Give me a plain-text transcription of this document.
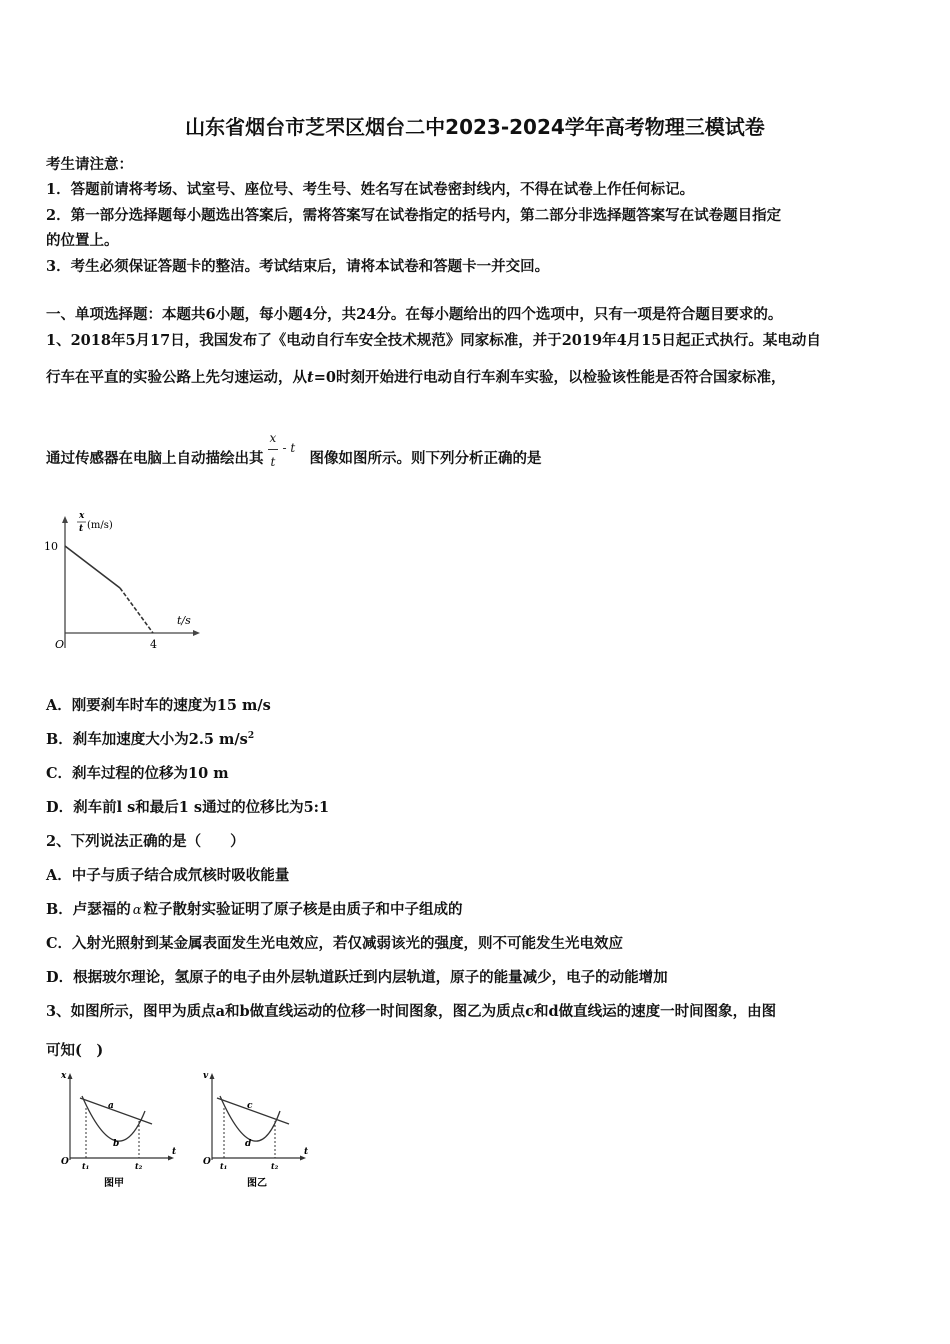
山东省烟台市芝罘区烟台二中2023-2024学年高考物理三模试卷
考生请注意：
1．答题前请将考场、试室号、座位号、考生号、姓名写在试卷密封线内，不得在试卷上作任何标记。
2．第一部分选择题每小题选出答案后，需将答案写在试卷指定的括号内，第二部分非选择题答案写在试卷题目指定
的位置上。
3．考生必须保证答题卡的整洁。考试结束后，请将本试卷和答题卡一并交回。
一、单项选择题：本题共6小题，每小题4分，共24分。在每小题给出的四个选项中，只有一项是符合题目要求的。
1、2018年5月17日，我国发布了《电动自行车安全技术规范》同家标准，并于2019年4月15日起正式执行。某电动自
行车在平直的实验公路上先匀速运动，从t=0时刻开始进行电动自行车刹车实验，以检验该性能是否符合国家标准，
通过传感器在电脑上自动描绘出其
x
t
- t
图像如图所示。则下列分析正确的是
x
t (m/s)
10
t/s
4
O
A．刚要刹车时车的速度为15 m/s
B．刹车加速度大小为2.5 $m/s^2$
C．刹车过程的位移为10 m
D．刹车前l s和最后1 s通过的位移比为5:1
2、下列说法正确的是（　　）
A．中子与质子结合成氘核时吸收能量
B．卢瑟福的 α 粒子散射实验证明了原子核是由质子和中子组成的
C．入射光照射到某金属表面发生光电效应，若仅减弱该光的强度，则不可能发生光电效应
D．根据玻尔理论，氢原子的电子由外层轨道跃迁到内层轨道，原子的能量减少，电子的动能增加
3、如图所示，图甲为质点a和b做直线运动的位移一时间图象，图乙为质点c和d做直线运的速度一时间图象，由图
可知(　)
x
t
O t₁	t₂
a
b
图甲
v
t
O t₁	t₂
c
d
图乙
